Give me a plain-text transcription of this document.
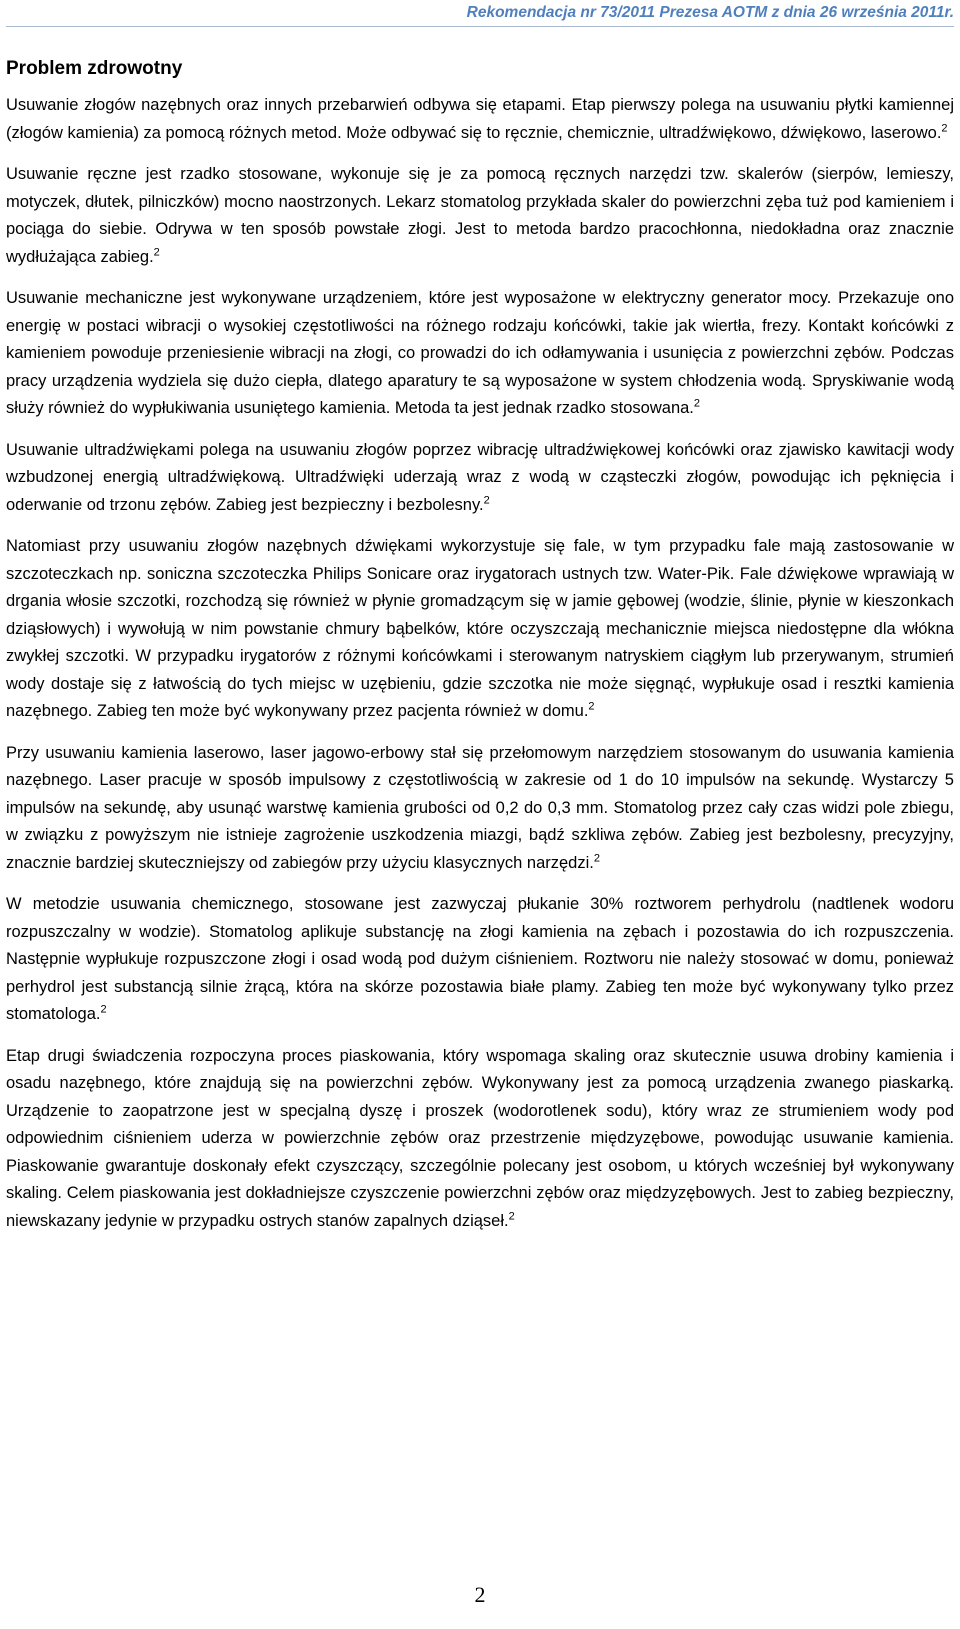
Rekomendacja nr 73/2011 Prezesa AOTM z dnia 26 września 2011r.
Problem zdrowotny

Usuwanie złogów nazębnych oraz innych przebarwień odbywa się etapami. Etap pierwszy polega na usuwaniu płytki kamiennej (złogów kamienia) za pomocą różnych metod. Może odbywać się to ręcznie, chemicznie, ultradźwiękowo, dźwiękowo, laserowo.$^2$

Usuwanie ręczne jest rzadko stosowane, wykonuje się je za pomocą ręcznych narzędzi tzw. skalerów (sierpów, lemieszy, motyczek, dłutek, pilniczków) mocno naostrzonych. Lekarz stomatolog przykłada skaler do powierzchni zęba tuż pod kamieniem i pociąga do siebie. Odrywa w ten sposób powstałe złogi. Jest to metoda bardzo pracochłonna, niedokładna oraz znacznie wydłużająca zabieg.$^2$

Usuwanie mechaniczne jest wykonywane urządzeniem, które jest wyposażone w elektryczny generator mocy. Przekazuje ono energię w postaci wibracji o wysokiej częstotliwości na różnego rodzaju końcówki, takie jak wiertła, frezy. Kontakt końcówki z kamieniem powoduje przeniesienie wibracji na złogi, co prowadzi do ich odłamywania i usunięcia z powierzchni zębów. Podczas pracy urządzenia wydziela się dużo ciepła, dlatego aparatury te są wyposażone w system chłodzenia wodą. Spryskiwanie wodą służy również do wypłukiwania usuniętego kamienia. Metoda ta jest jednak rzadko stosowana.$^2$

Usuwanie ultradźwiękami polega na usuwaniu złogów poprzez wibrację ultradźwiękowej końcówki oraz zjawisko kawitacji wody wzbudzonej energią ultradźwiękową. Ultradźwięki uderzają wraz z wodą w cząsteczki złogów, powodując ich pęknięcia i oderwanie od trzonu zębów. Zabieg jest bezpieczny i bezbolesny.$^2$

Natomiast przy usuwaniu złogów nazębnych dźwiękami wykorzystuje się fale, w tym przypadku fale mają zastosowanie w szczoteczkach np. soniczna szczoteczka Philips Sonicare oraz irygatorach ustnych tzw. Water-Pik. Fale dźwiękowe wprawiają w drgania włosie szczotki, rozchodzą się również w płynie gromadzącym się w jamie gębowej (wodzie, ślinie, płynie w kieszonkach dziąsłowych) i wywołują w nim powstanie chmury bąbelków, które oczyszczają mechanicznie miejsca niedostępne dla włókna zwykłej szczotki. W przypadku irygatorów z różnymi końcówkami i sterowanym natryskiem ciągłym lub przerywanym, strumień wody dostaje się z łatwością do tych miejsc w uzębieniu, gdzie szczotka nie może sięgnąć, wypłukuje osad i resztki kamienia nazębnego. Zabieg ten może być wykonywany przez pacjenta również w domu.$^2$

Przy usuwaniu kamienia laserowo, laser jagowo-erbowy stał się przełomowym narzędziem stosowanym do usuwania kamienia nazębnego. Laser pracuje w sposób impulsowy z częstotliwością w zakresie od 1 do 10 impulsów na sekundę. Wystarczy 5 impulsów na sekundę, aby usunąć warstwę kamienia grubości od 0,2 do 0,3 mm. Stomatolog przez cały czas widzi pole zbiegu, w związku z powyższym nie istnieje zagrożenie uszkodzenia miazgi, bądź szkliwa zębów. Zabieg jest bezbolesny, precyzyjny, znacznie bardziej skuteczniejszy od zabiegów przy użyciu klasycznych narzędzi.$^2$

W metodzie usuwania chemicznego, stosowane jest zazwyczaj płukanie 30% roztworem perhydrolu (nadtlenek wodoru rozpuszczalny w wodzie). Stomatolog aplikuje substancję na złogi kamienia na zębach i pozostawia do ich rozpuszczenia. Następnie wypłukuje rozpuszczone złogi i osad wodą pod dużym ciśnieniem. Roztworu nie należy stosować w domu, ponieważ perhydrol jest substancją silnie żrącą, która na skórze pozostawia białe plamy. Zabieg ten może być wykonywany tylko przez stomatologa.$^2$

Etap drugi świadczenia rozpoczyna proces piaskowania, który wspomaga skaling oraz skutecznie usuwa drobiny kamienia i osadu nazębnego, które znajdują się na powierzchni zębów. Wykonywany jest za pomocą urządzenia zwanego piaskarką. Urządzenie to zaopatrzone jest w specjalną dyszę i proszek (wodorotlenek sodu), który wraz ze strumieniem wody pod odpowiednim ciśnieniem uderza w powierzchnie zębów oraz przestrzenie międzyzębowe, powodując usuwanie kamienia. Piaskowanie gwarantuje doskonały efekt czyszczący, szczególnie polecany jest osobom, u których wcześniej był wykonywany skaling. Celem piaskowania jest dokładniejsze czyszczenie powierzchni zębów oraz międzyzębowych. Jest to zabieg bezpieczny, niewskazany jedynie w przypadku ostrych stanów zapalnych dziąseł.$^2$

2
